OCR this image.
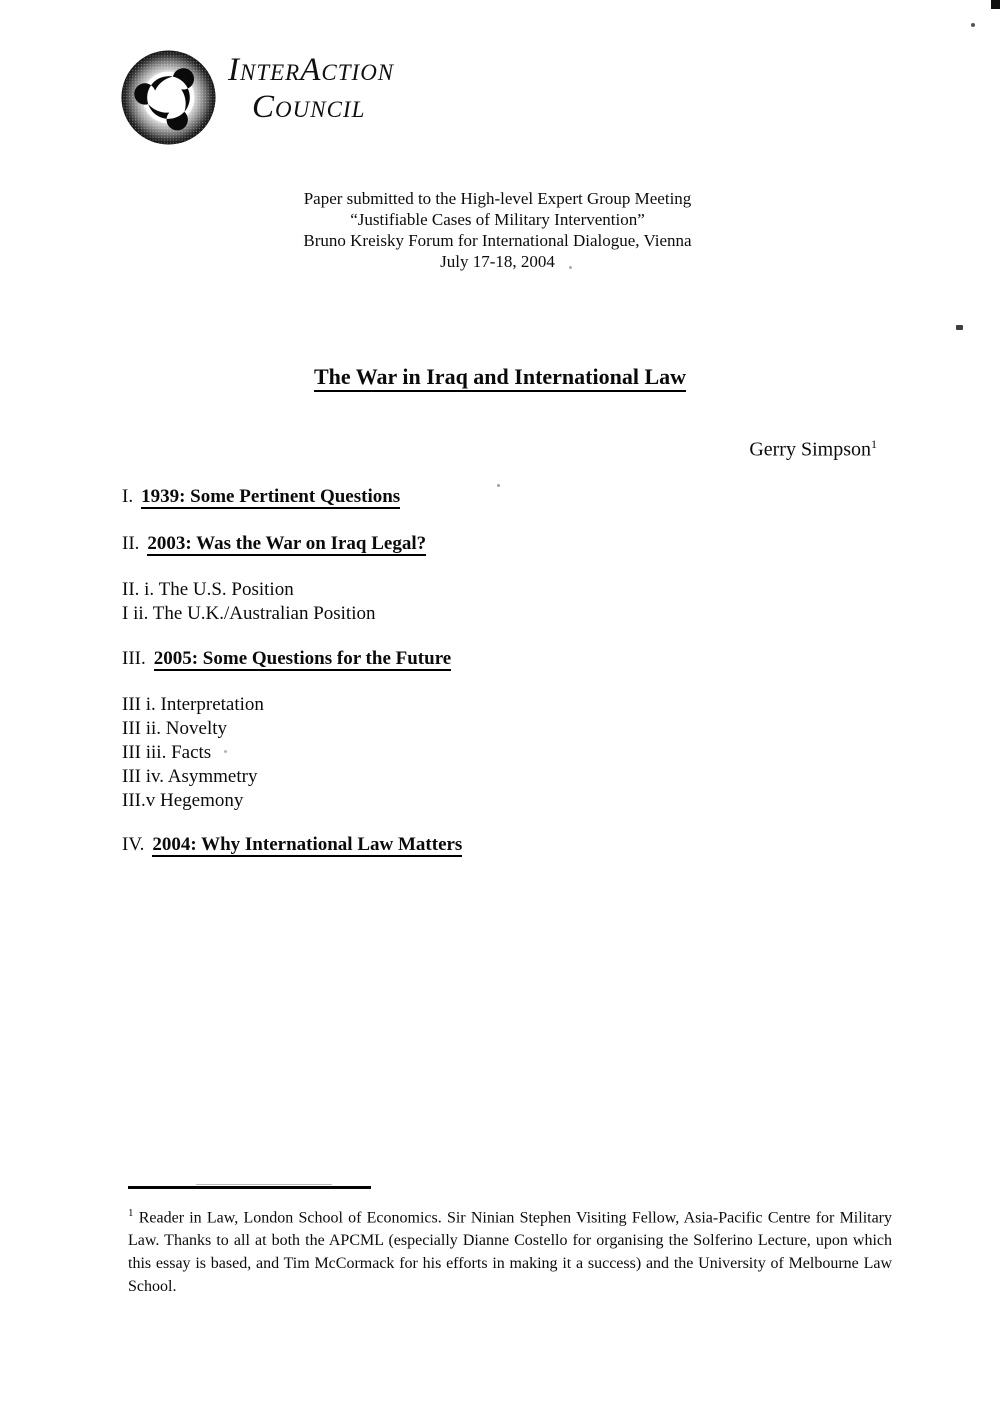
INTERACTION
COUNCIL
Paper submitted to the High-level Expert Group Meeting
“Justifiable Cases of Military Intervention”
Bruno Kreisky Forum for International Dialogue, Vienna
July 17-18, 2004
The War in Iraq and International Law
Gerry Simpson$^1$
I. 1939: Some Pertinent Questions
II. 2003: Was the War on Iraq Legal?
II. i. The U.S. Position
I ii. The U.K./Australian Position
III. 2005: Some Questions for the Future
III i. Interpretation
III ii. Novelty
III iii. Facts
III iv. Asymmetry
III.v Hegemony
IV. 2004: Why International Law Matters

$^1$ Reader in Law, London School of Economics. Sir Ninian Stephen Visiting Fellow, Asia-Pacific Centre for Military Law. Thanks to all at both the APCML (especially Dianne Costello for organising the Solferino Lecture, upon which this essay is based, and Tim McCormack for his efforts in making it a success) and the University of Melbourne Law School.
